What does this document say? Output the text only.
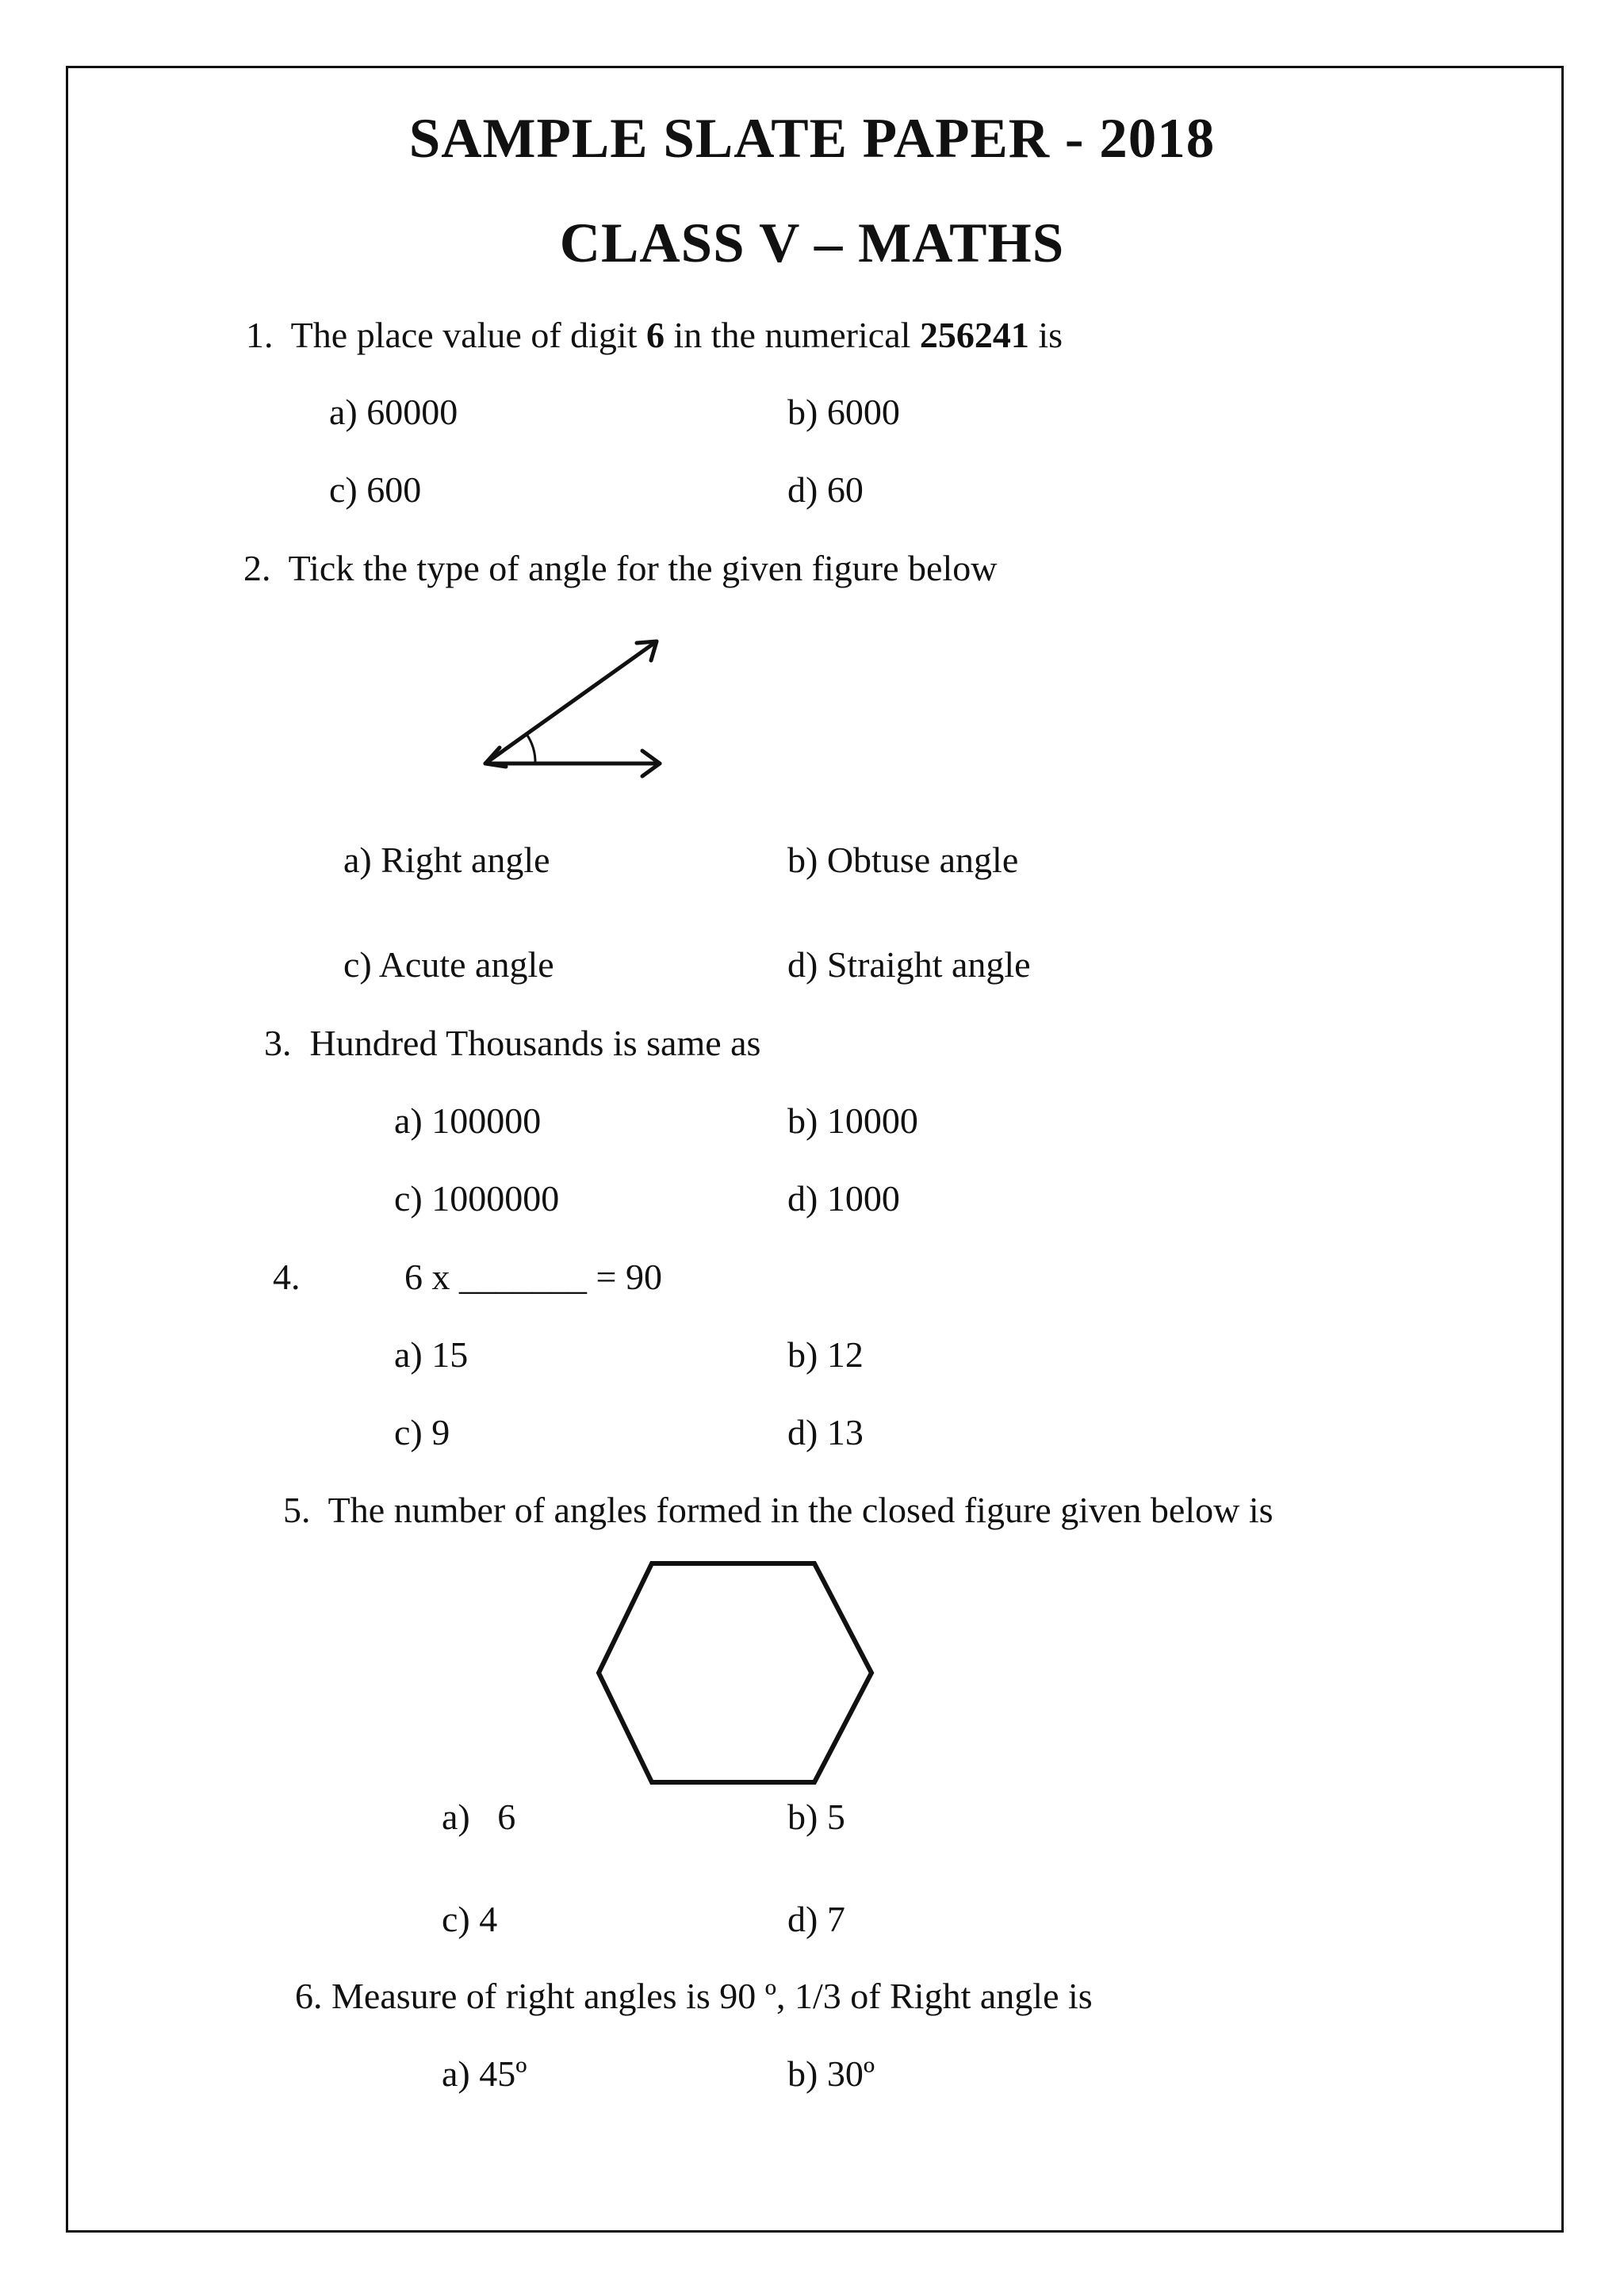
SAMPLE SLATE PAPER - 2018
CLASS V – MATHS
1. The place value of digit 6 in the numerical 256241 is
a) 60000	b) 6000
c) 600	d) 60
2. Tick the type of angle for the given figure below
a) Right angle	b) Obtuse angle
c) Acute angle	d) Straight angle
3. Hundred Thousands is same as
a) 100000	b) 10000
c) 1000000	d) 1000
4.	6 x _______ = 90
a) 15	b) 12
c) 9	d) 13
5. The number of angles formed in the closed figure given below is
a)   6	b) 5
c) 4	d) 7
6. Measure of right angles is 90 º, 1/3 of Right angle is
a) 45º	b) 30º
